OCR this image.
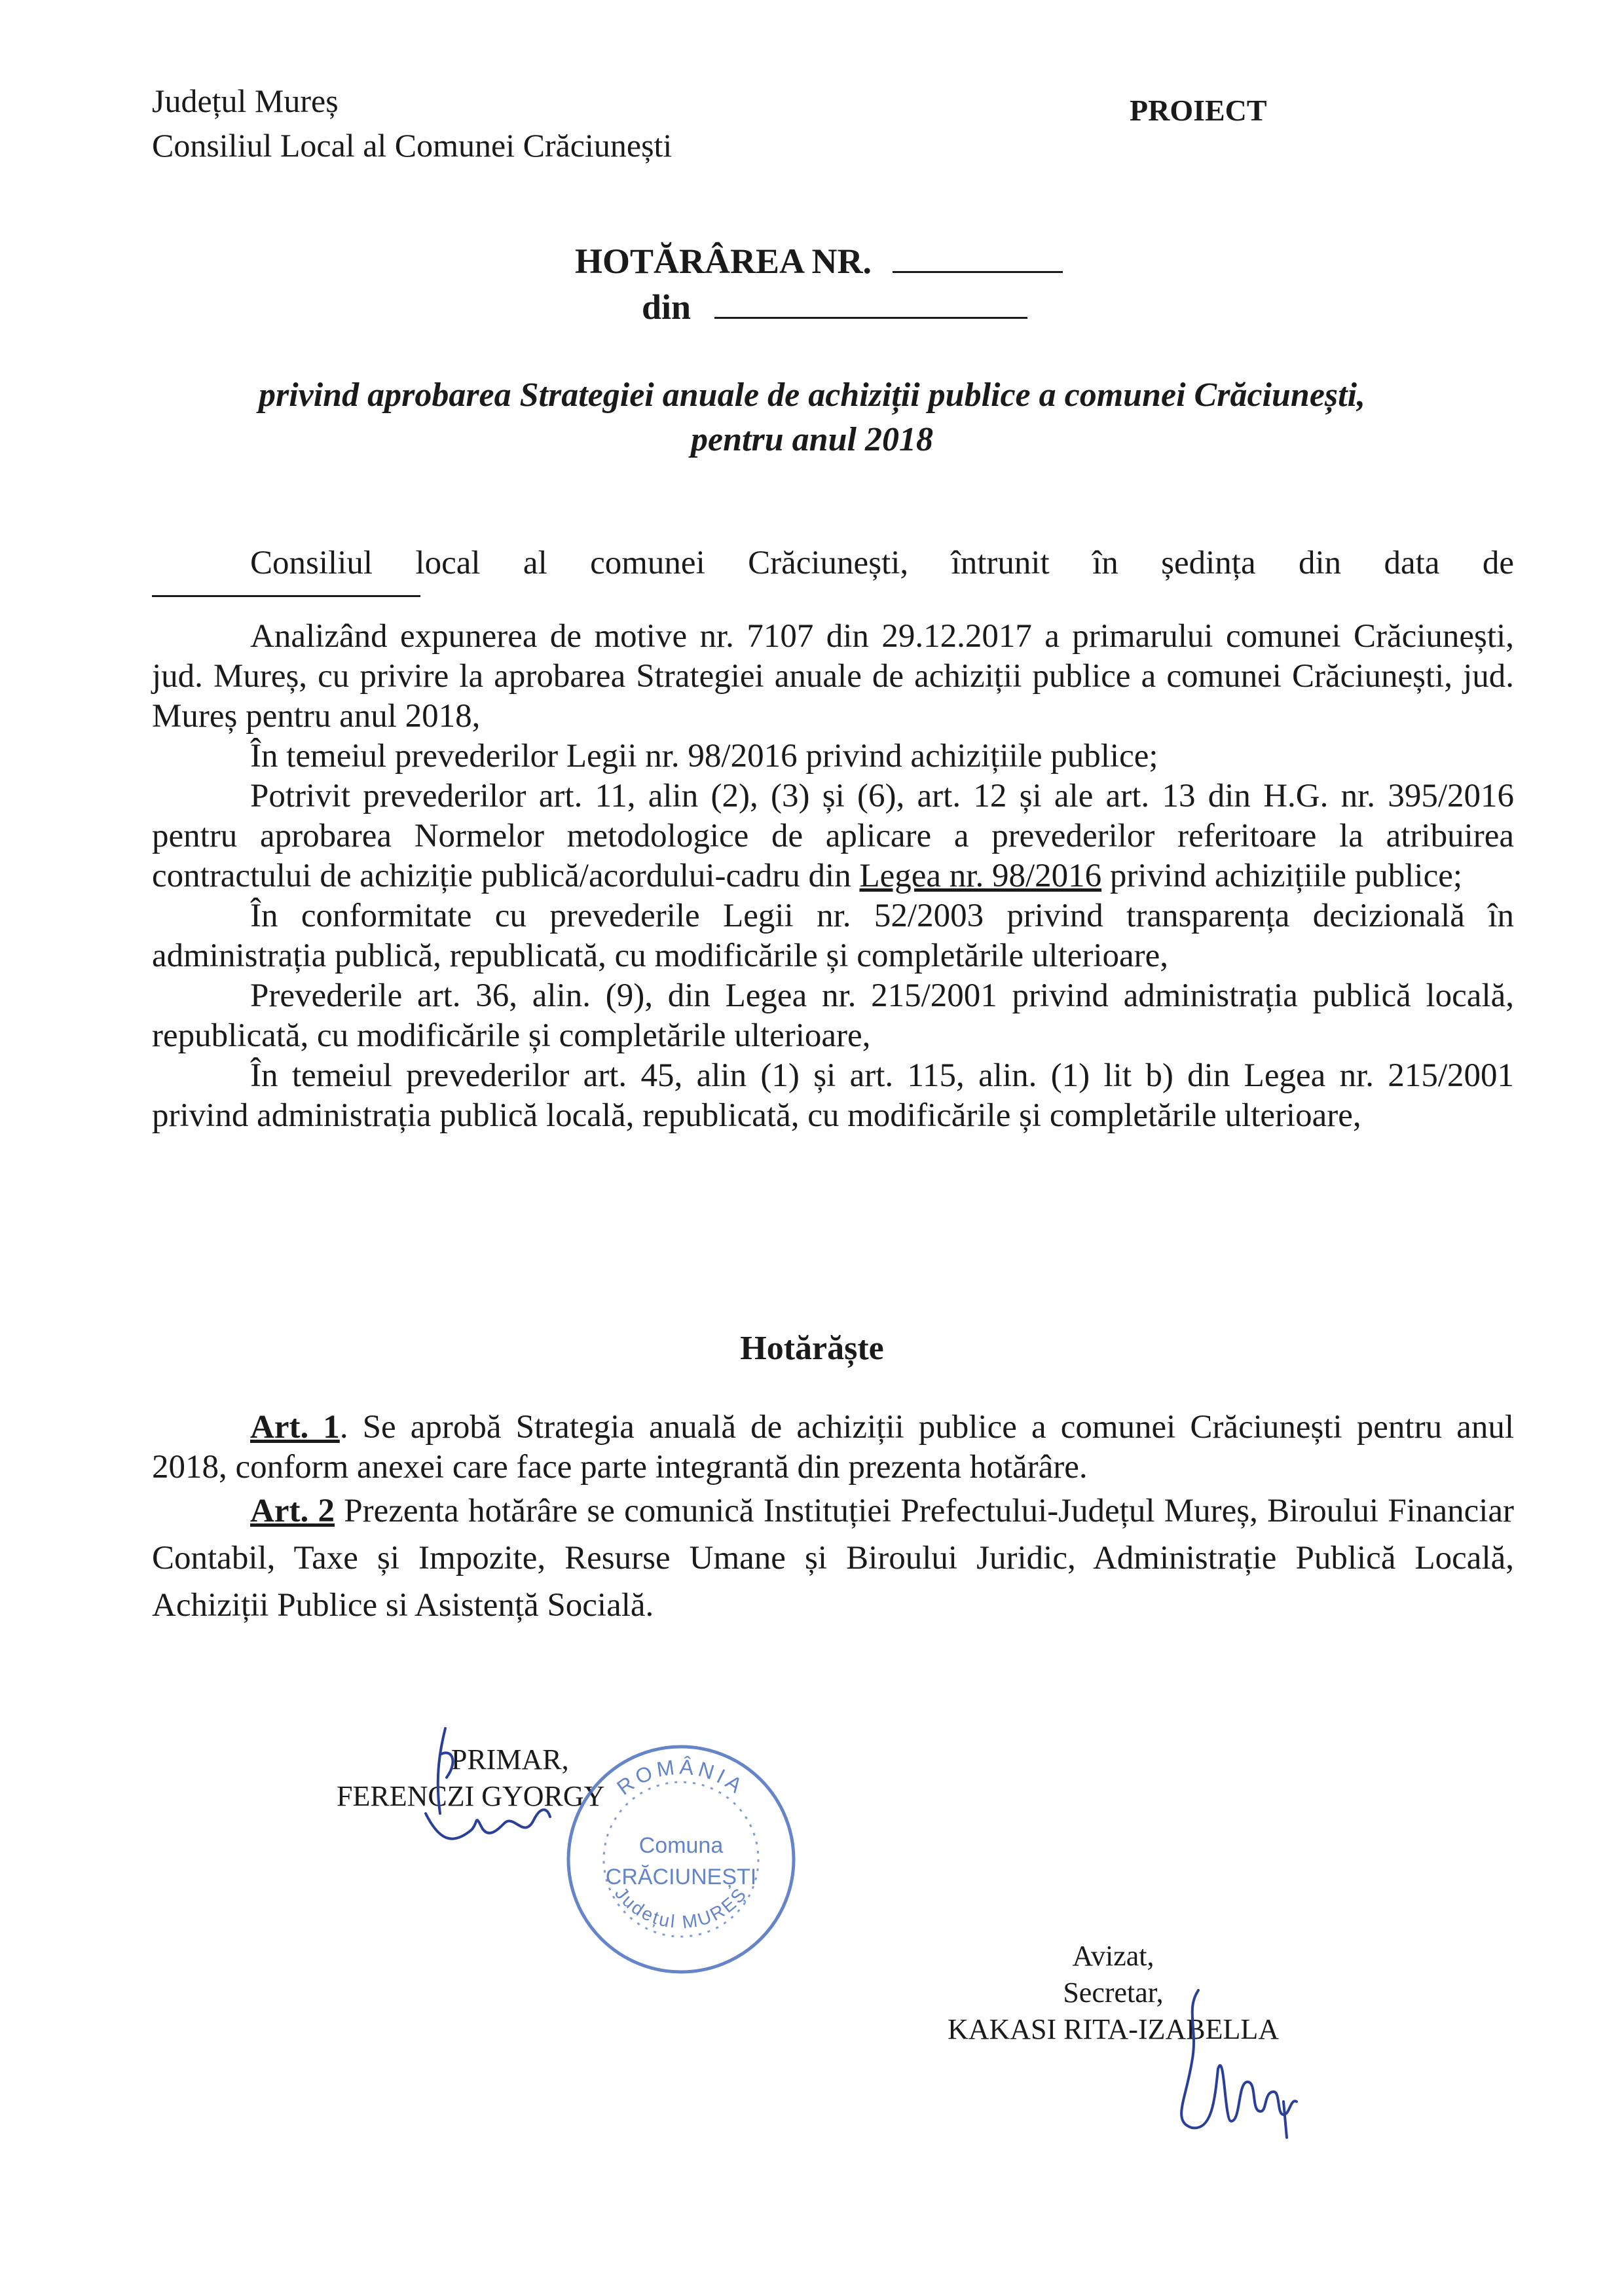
Județul Mureș
Consiliul Local al Comunei Crăciunești
PROIECT
HOTĂRÂREA NR.
din
privind aprobarea Strategiei anuale de achiziții publice a comunei Crăciunești,
pentru anul 2018

Consiliul local al comunei Crăciunești, întrunit în ședința din data de

Analizând expunerea de motive nr. 7107 din 29.12.2017 a primarului comunei Crăciunești, jud. Mureș, cu privire la aprobarea Strategiei anuale de achiziții publice a comunei Crăciunești, jud. Mureș pentru anul 2018,

În temeiul prevederilor Legii nr. 98/2016 privind achizițiile publice;

Potrivit prevederilor art. 11, alin (2), (3) și (6), art. 12 și ale art. 13 din H.G. nr. 395/2016 pentru aprobarea Normelor metodologice de aplicare a prevederilor referitoare la atribuirea contractului de achiziție publică/acordului-cadru din Legea nr. 98/2016 privind achizițiile publice;

În conformitate cu prevederile Legii nr. 52/2003 privind transparența decizională în administrația publică, republicată, cu modificările și completările ulterioare,

Prevederile art. 36, alin. (9), din Legea nr. 215/2001 privind administrația publică locală, republicată, cu modificările și completările ulterioare,

În temeiul prevederilor art. 45, alin (1) și art. 115, alin. (1) lit b) din Legea nr. 215/2001 privind administrația publică locală, republicată, cu modificările și completările ulterioare,

Hotărăște

Art. 1. Se aprobă Strategia anuală de achiziții publice a comunei Crăciunești pentru anul 2018, conform anexei care face parte integrantă din prezenta hotărâre.

Art. 2 Prezenta hotărâre se comunică Instituției Prefectului-Județul Mureș, Biroului Financiar Contabil, Taxe și Impozite, Resurse Umane și Biroului Juridic, Administrație Publică Locală, Achiziții Publice si Asistență Socială.

PRIMAR,
FERENCZI GYORGY ROMÂNIA
Comuna
CRĂCIUNEȘTI
Județul MUREȘ
Avizat,
Secretar,
KAKASI RITA-IZABELLA
